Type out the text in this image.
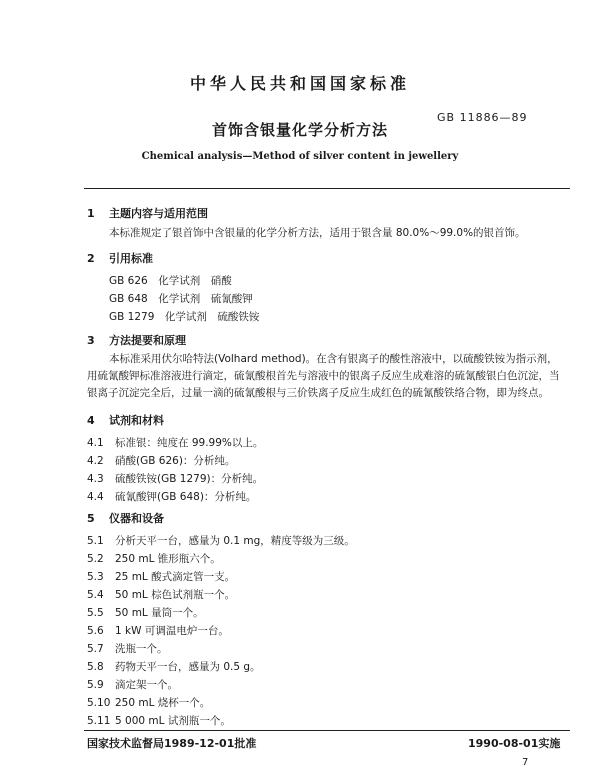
中华人民共和国国家标准
GB 11886—89
首饰含银量化学分析方法
Chemical analysis—Method of silver content in jewellery
1 主题内容与适用范围
本标准规定了银首饰中含银量的化学分析方法，适用于银含量 80.0%～99.0%的银首饰。
2 引用标准
GB 626　化学试剂　硝酸
GB 648　化学试剂　硫氰酸钾
GB 1279　化学试剂　硫酸铁铵
3 方法提要和原理

本标准采用伏尔哈特法(Volhard method)。在含有银离子的酸性溶液中，以硫酸铁铵为指示剂，用硫氰酸钾标准溶液进行滴定，硫氰酸根首先与溶液中的银离子反应生成难溶的硫氰酸银白色沉淀，当银离子沉淀完全后，过量一滴的硫氰酸根与三价铁离子反应生成红色的硫氰酸铁络合物，即为终点。

4 试剂和材料
4.1 标准银：纯度在 99.99%以上。
4.2 硝酸(GB 626)：分析纯。
4.3 硫酸铁铵(GB 1279)：分析纯。
4.4 硫氰酸钾(GB 648)：分析纯。
5 仪器和设备
5.1 分析天平一台，感量为 0.1 mg，精度等级为三级。
5.2 250 mL 锥形瓶六个。
5.3 25 mL 酸式滴定管一支。
5.4 50 mL 棕色试剂瓶一个。
5.5 50 mL 量筒一个。
5.6 1 kW 可调温电炉一台。
5.7 洗瓶一个。
5.8 药物天平一台，感量为 0.5 g。
5.9 滴定架一个。
5.10 250 mL 烧杯一个。
5.11 5 000 mL 试剂瓶一个。
国家技术监督局1989-12-01批准	1990-08-01实施
7
